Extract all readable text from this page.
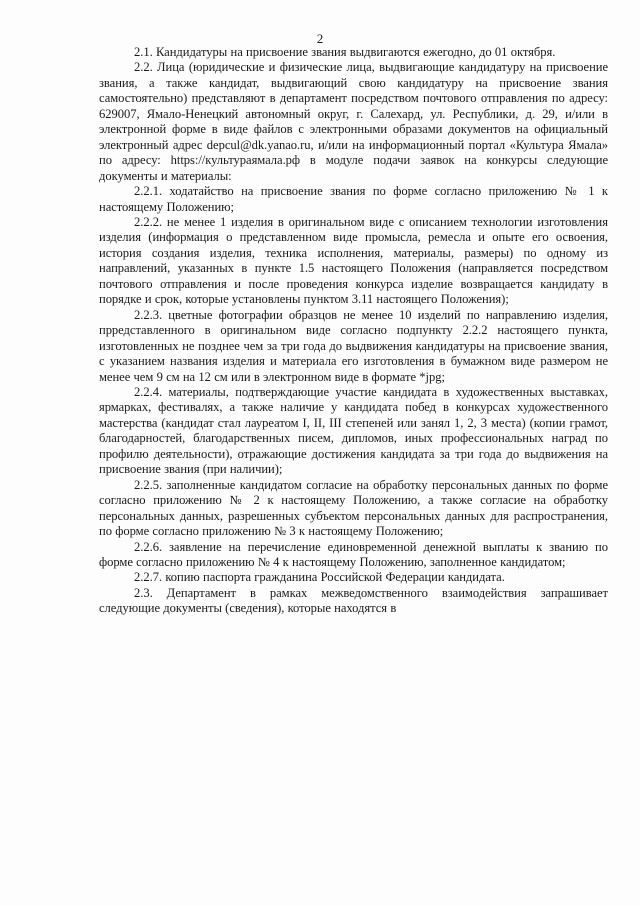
2

2.1. Кандидатуры на присвоение звания выдвигаются ежегодно, до 01 октября.

2.2. Лица (юридические и физические лица, выдвигающие кандидатуру на присвоение звания, а также кандидат, выдвигающий свою кандидатуру на присвоение звания самостоятельно) представляют в департамент посредством почтового отправления по адресу: 629007, Ямало-Ненецкий автономный округ, г. Салехард, ул. Республики, д. 29, и/или в электронной форме в виде файлов с электронными образами документов на официальный электронный адрес depcul@dk.yanao.ru, и/или на информационный портал «Культура Ямала» по адресу: https://культураямала.рф в модуле подачи заявок на конкурсы следующие документы и материалы:

2.2.1. ходатайство на присвоение звания по форме согласно приложению № 1 к настоящему Положению;

2.2.2. не менее 1 изделия в оригинальном виде с описанием технологии изготовления изделия (информация о представленном виде промысла, ремесла и опыте его освоения, история создания изделия, техника исполнения, материалы, размеры) по одному из направлений, указанных в пункте 1.5 настоящего Положения (направляется посредством почтового отправления и после проведения конкурса изделие возвращается кандидату в порядке и срок, которые установлены пунктом 3.11 настоящего Положения);

2.2.3. цветные фотографии образцов не менее 10 изделий по направлению изделия, прредставленного в оригинальном виде согласно подпункту 2.2.2 настоящего пункта, изготовленных не позднее чем за три года до выдвижения кандидатуры на присвоение звания, с указанием названия изделия и материала его изготовления в бумажном виде размером не менее чем 9 см на 12 см или в электронном виде в формате *jpg;

2.2.4. материалы, подтверждающие участие кандидата в художественных выставках, ярмарках, фестивалях, а также наличие у кандидата побед в конкурсах художественного мастерства (кандидат стал лауреатом I, II, III степеней или занял 1, 2, 3 места) (копии грамот, благодарностей, благодарственных писем, дипломов, иных профессиональных наград по профилю деятельности), отражающие достижения кандидата за три года до выдвижения на присвоение звания (при наличии);

2.2.5. заполненные кандидатом согласие на обработку персональных данных по форме согласно приложению № 2 к настоящему Положению, а также согласие на обработку персональных данных, разрешенных субъектом персональных данных для распространения, по форме согласно приложению № 3 к настоящему Положению;

2.2.6. заявление на перечисление единовременной денежной выплаты к званию по форме согласно приложению № 4 к настоящему Положению, заполненное кандидатом;

2.2.7. копию паспорта гражданина Российской Федерации кандидата.

2.3. Департамент в рамках межведомственного взаимодействия запрашивает следующие документы (сведения), которые находятся в
